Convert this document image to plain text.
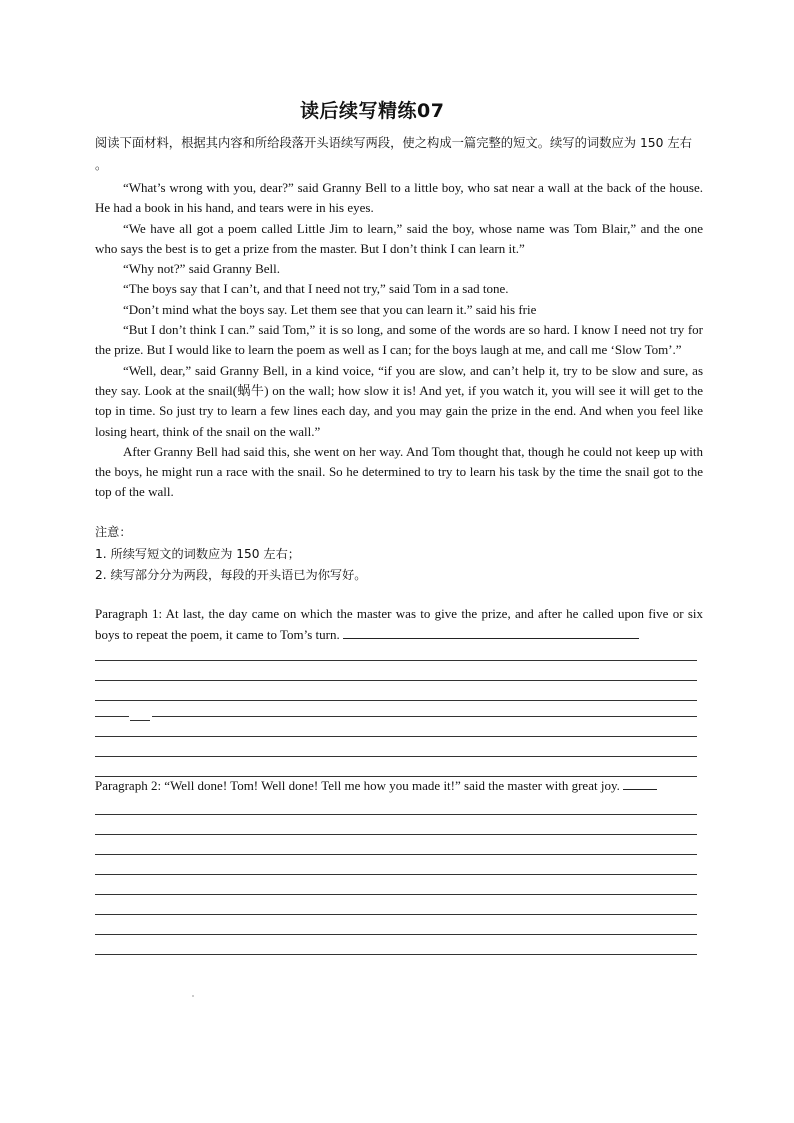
读后续写精练07
阅读下面材料，根据其内容和所给段落开头语续写两段，使之构成一篇完整的短文。续写的词数应为 150 左右 。

“What’s wrong with you, dear?” said Granny Bell to a little boy, who sat near a wall at the back of the house. He had a book in his hand, and tears were in his eyes.

“We have all got a poem called Little Jim to learn,” said the boy, whose name was Tom Blair,” and the one who says the best is to get a prize from the master. But I don’t think I can learn it.”

“Why not?” said Granny Bell.

“The boys say that I can’t, and that I need not try,” said Tom in a sad tone.

“Don’t mind what the boys say. Let them see that you can learn it.” said his frie

“But I don’t think I can.” said Tom,” it is so long, and some of the words are so hard. I know I need not try for the prize. But I would like to learn the poem as well as I can; for the boys laugh at me, and call me ‘Slow Tom’.”

“Well, dear,” said Granny Bell, in a kind voice, “if you are slow, and can’t help it, try to be slow and sure, as they say. Look at the snail(蜗牛) on the wall; how slow it is! And yet, if you watch it, you will see it will get to the top in time. So just try to learn a few lines each day, and you may gain the prize in the end. And when you feel like losing heart, think of the snail on the wall.”

After Granny Bell had said this, she went on her way. And Tom thought that, though he could not keep up with the boys, he might run a race with the snail. So he determined to try to learn his task by the time the snail got to the top of the wall.

注意：
1. 所续写短文的词数应为 150 左右；
2. 续写部分分为两段，每段的开头语已为你写好。
Paragraph 1: At last, the day came on which the master was to give the prize, and after he called upon five or six boys to repeat the poem, it came to Tom’s turn.
Paragraph 2: “Well done! Tom! Well done! Tell me how you made it!” said the master with great joy.
